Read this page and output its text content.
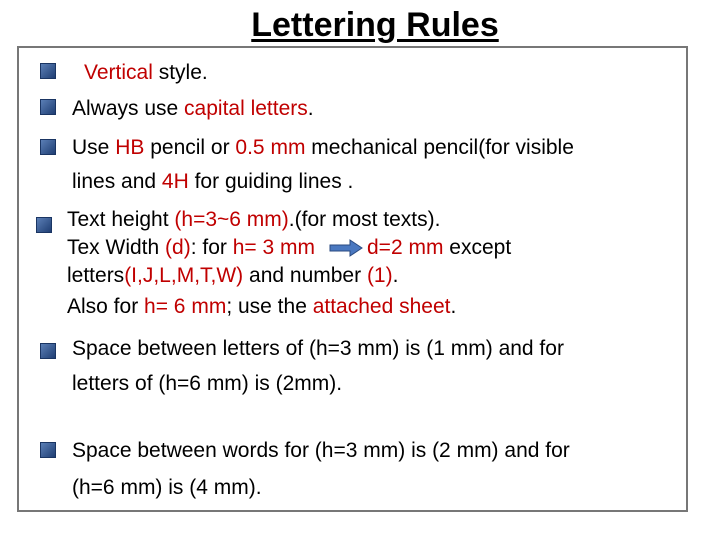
Lettering Rules
Vertical style.
Always use capital letters.
Use HB pencil or 0.5 mm mechanical pencil(for visible
lines and 4H for guiding lines .
Text height (h=3~6 mm).(for most texts).
Tex Width (d): for h= 3 mm d=2 mm except
letters(I,J,L,M,T,W) and number (1).
Also for h= 6 mm; use the attached sheet.
Space between letters of (h=3 mm) is (1 mm) and for
letters of (h=6 mm) is (2mm).
Space between words for (h=3 mm) is (2 mm) and for
(h=6 mm) is (4 mm).
